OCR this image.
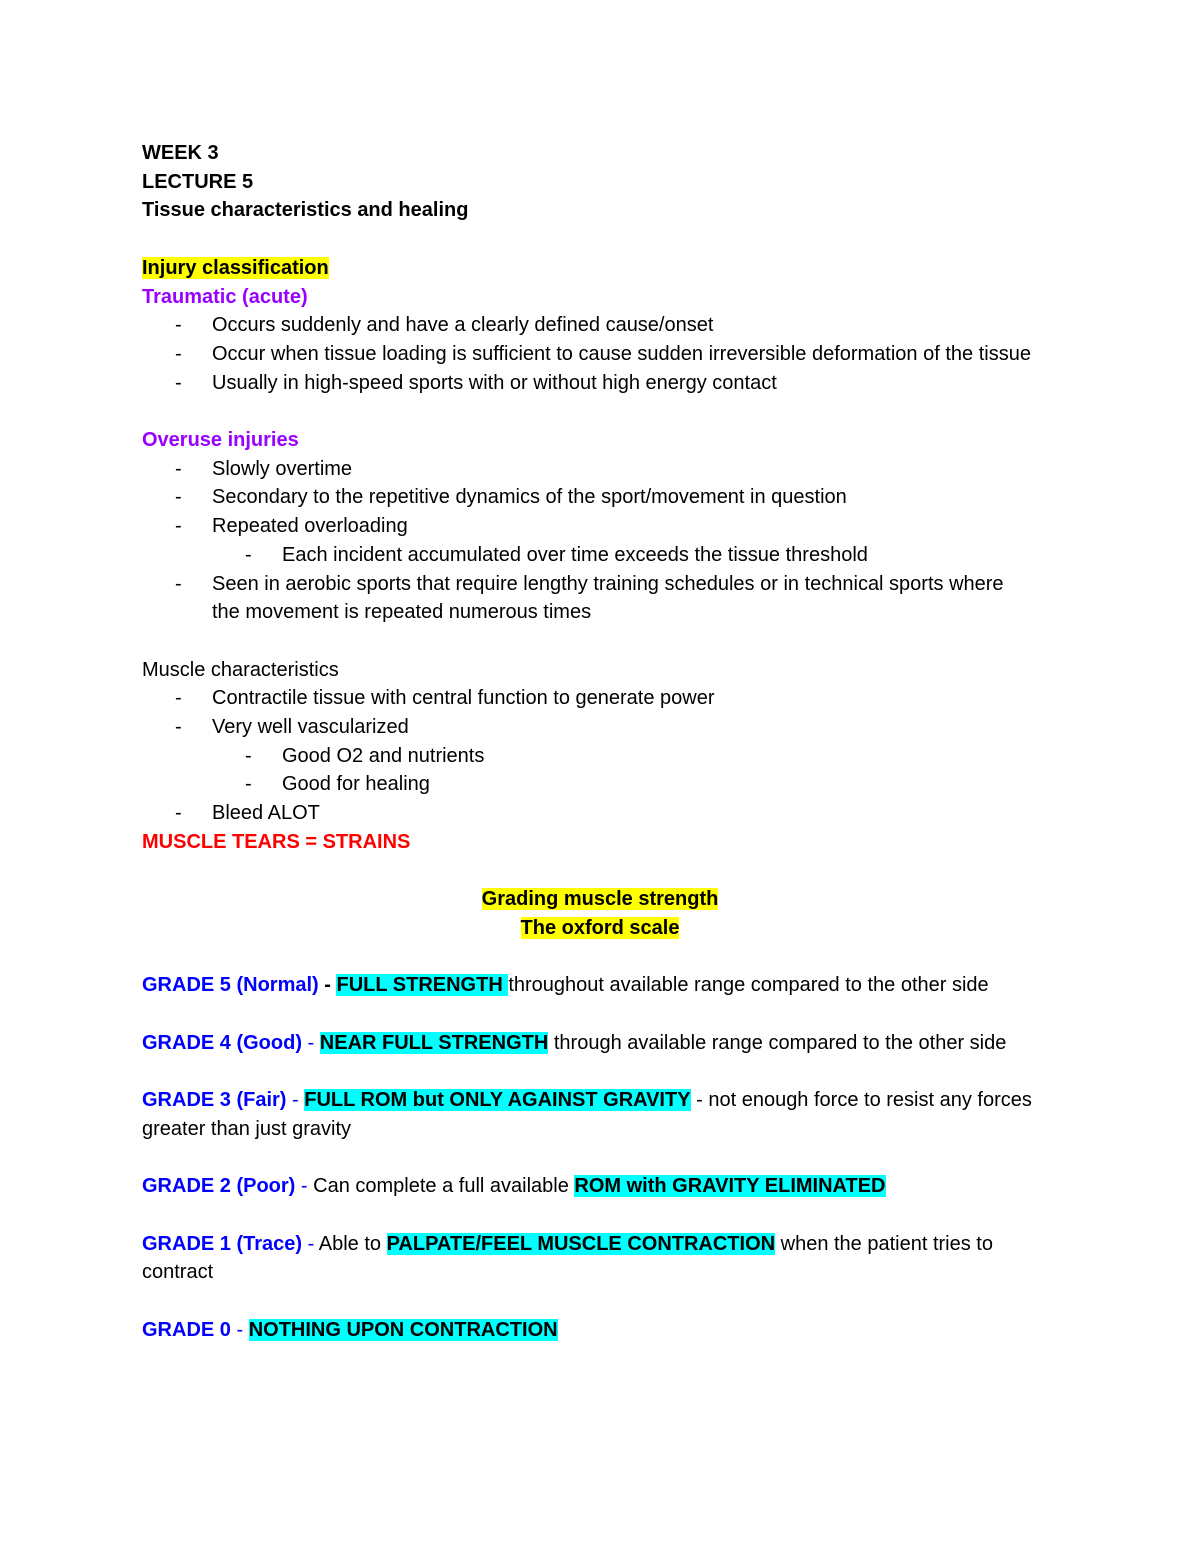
WEEK 3
LECTURE 5
Tissue characteristics and healing
Injury classification
Traumatic (acute)
- Occurs suddenly and have a clearly defined cause/onset
- Occur when tissue loading is sufficient to cause sudden irreversible deformation of the tissue
- Usually in high-speed sports with or without high energy contact
Overuse injuries
- Slowly overtime
- Secondary to the repetitive dynamics of the sport/movement in question
- Repeated overloading
- Each incident accumulated over time exceeds the tissue threshold
- Seen in aerobic sports that require lengthy training schedules or in technical sports where the movement is repeated numerous times
Muscle characteristics
- Contractile tissue with central function to generate power
- Very well vascularized
- Good O2 and nutrients
- Good for healing
- Bleed ALOT
MUSCLE TEARS = STRAINS
Grading muscle strength
The oxford scale
GRADE 5 (Normal) - FULL STRENGTH throughout available range compared to the other side
GRADE 4 (Good) - NEAR FULL STRENGTH through available range compared to the other side
GRADE 3 (Fair) - FULL ROM but ONLY AGAINST GRAVITY - not enough force to resist any forces greater than just gravity
GRADE 2 (Poor) - Can complete a full available ROM with GRAVITY ELIMINATED
GRADE 1 (Trace) - Able to PALPATE/FEEL MUSCLE CONTRACTION when the patient tries to contract
GRADE 0 - NOTHING UPON CONTRACTION
